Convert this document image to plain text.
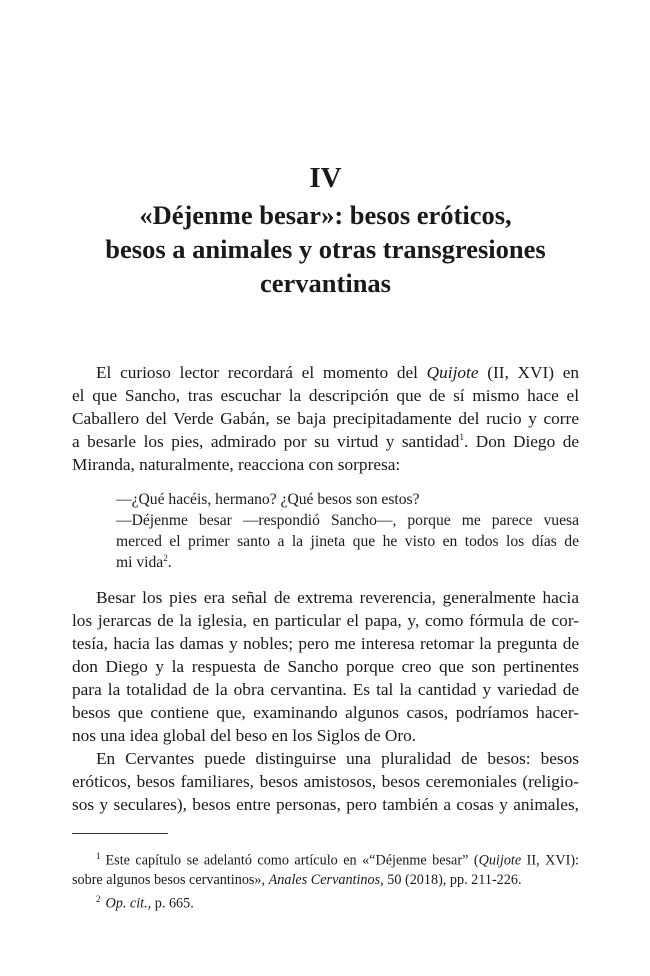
IV

«Déjenme besar»: besos eróticos,
besos a animales y otras transgresiones
cervantinas

El curioso lector recordará el momento del Quijote (II, XVI) en
el que Sancho, tras escuchar la descripción que de sí mismo hace el
Caballero del Verde Gabán, se baja precipitadamente del rucio y corre
a besarle los pies, admirado por su virtud y santidad$^1$. Don Diego de
Miranda, naturalmente, reacciona con sorpresa:

—¿Qué hacéis, hermano? ¿Qué besos son estos?
—Déjenme besar —respondió Sancho—, porque me parece vuesa
merced el primer santo a la jineta que he visto en todos los días de
mi vida$^2$.

Besar los pies era señal de extrema reverencia, generalmente hacia
los jerarcas de la iglesia, en particular el papa, y, como fórmula de cor-
tesía, hacia las damas y nobles; pero me interesa retomar la pregunta de
don Diego y la respuesta de Sancho porque creo que son pertinentes
para la totalidad de la obra cervantina. Es tal la cantidad y variedad de
besos que contiene que, examinando algunos casos, podríamos hacer-
nos una idea global del beso en los Siglos de Oro.

En Cervantes puede distinguirse una pluralidad de besos: besos
eróticos, besos familiares, besos amistosos, besos ceremoniales (religio-
sos y seculares), besos entre personas, pero también a cosas y animales,

$^1$ Este capítulo se adelantó como artículo en «“Déjenme besar” (Quijote II, XVI):
sobre algunos besos cervantinos», Anales Cervantinos, 50 (2018), pp. 211-226.

$^2$ Op. cit., p. 665.
